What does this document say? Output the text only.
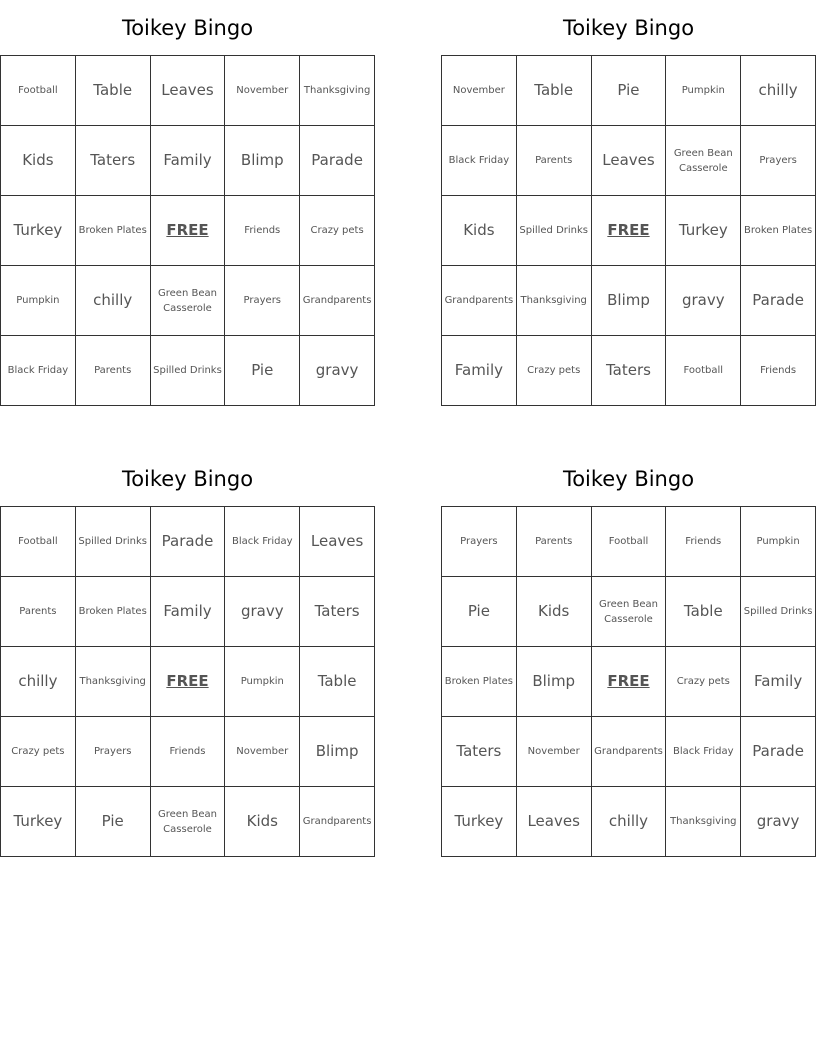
Toikey Bingo
Football	Table	Leaves	November	Thanksgiving
Kids	Taters	Family	Blimp	Parade
Turkey	Broken Plates	FREE	Friends	Crazy pets
Pumpkin	chilly	Green Bean Casserole	Prayers	Grandparents
Black Friday	Parents	Spilled Drinks	Pie	gravy
Toikey Bingo
November	Table	Pie	Pumpkin	chilly
Black Friday	Parents	Leaves	Green Bean Casserole	Prayers
Kids	Spilled Drinks	FREE	Turkey	Broken Plates
Grandparents	Thanksgiving	Blimp	gravy	Parade
Family	Crazy pets	Taters	Football	Friends
Toikey Bingo
Football	Spilled Drinks	Parade	Black Friday	Leaves
Parents	Broken Plates	Family	gravy	Taters
chilly	Thanksgiving	FREE	Pumpkin	Table
Crazy pets	Prayers	Friends	November	Blimp
Turkey	Pie	Green Bean Casserole	Kids	Grandparents
Toikey Bingo
Prayers	Parents	Football	Friends	Pumpkin
Pie	Kids	Green Bean Casserole	Table	Spilled Drinks
Broken Plates	Blimp	FREE	Crazy pets	Family
Taters	November	Grandparents	Black Friday	Parade
Turkey	Leaves	chilly	Thanksgiving	gravy
